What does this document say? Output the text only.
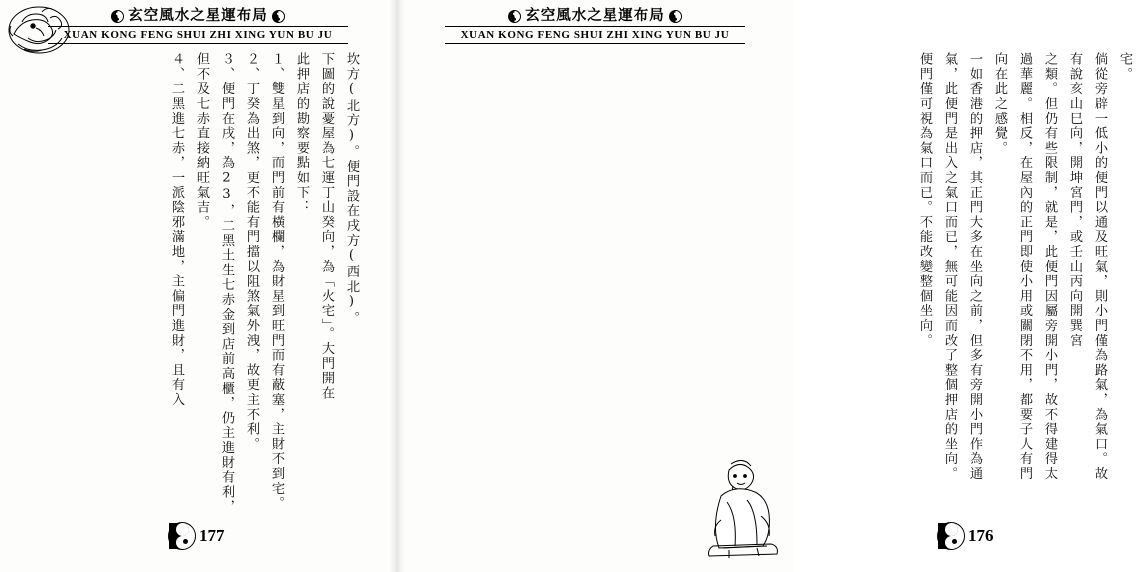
玄空風水之星運布局
XUAN KONG FENG SHUI ZHI XING YUN BU JU

坎方(北方)。便門設在戌方(西北)。

下圖的說憂屋為七運丁山癸向，為「火宅」。大門開在

此押店的勘察要點如下：

１、雙星到向，而門前有橫欄，為財星到旺門而有蔽塞，主財不到宅。

２、丁癸為出煞，更不能有門擋以阻煞氣外洩，故更主不利。

３、便門在戌，為23，二黑土生七赤金到店前高櫃，仍主進財有利，但不及七赤直接納旺氣吉。

４、二黑進七赤，一派陰邪滿地，主偏門進財，且有入

177
玄空風水之星運布局
XUAN KONG FENG SHUI ZHI XING YUN BU JU

宅。

倘從旁辟一低小的便門以通及旺氣，則小門僅為路氣，為氣口。故有說亥山巳向，開坤宮門，或壬山丙向開巽宮

之類。但仍有些限制，就是，此便門因屬旁開小門，故不得建得太過華麗。相反，在屋內的正門即使小用或關閉不用，都要子人有門向在此之感覺。

一如香港的押店，其正門大多在坐向之前，但多有旁開小門作為通氣，此便門是出入之氣口而已，無可能因而改了整個押店的坐向。

便門僅可視為氣口而已。不能改變整個坐向。

176
